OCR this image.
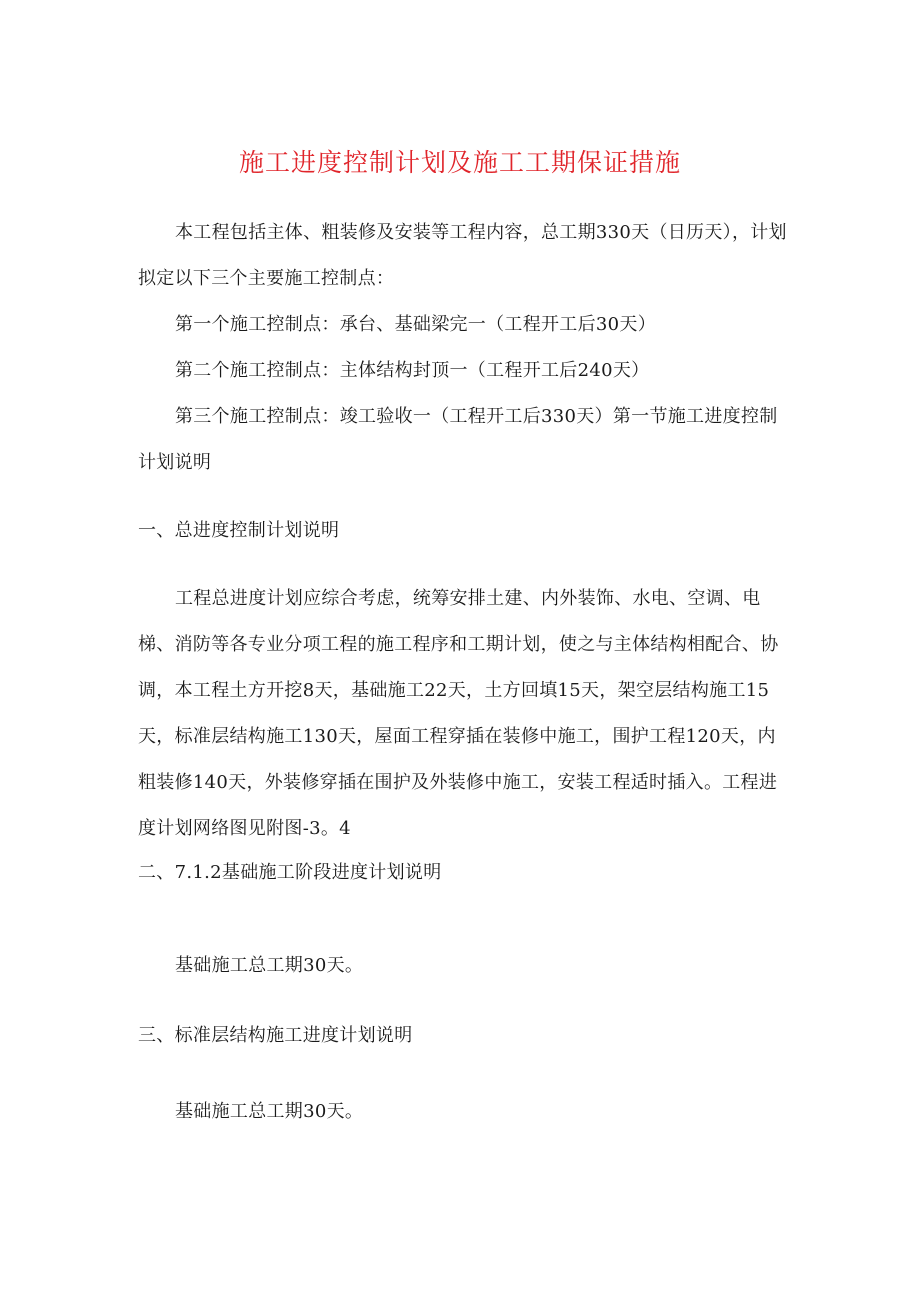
施工进度控制计划及施工工期保证措施

本工程包括主体、粗装修及安装等工程内容，总工期330天（日历天），计划拟定以下三个主要施工控制点：

第一个施工控制点：承台、基础梁完一（工程开工后30天）

第二个施工控制点：主体结构封顶一（工程开工后240天）

第三个施工控制点：竣工验收一（工程开工后330天）第一节施工进度控制计划说明

一、总进度控制计划说明

工程总进度计划应综合考虑，统筹安排土建、内外装饰、水电、空调、电梯、消防等各专业分项工程的施工程序和工期计划，使之与主体结构相配合、协调，本工程土方开挖8天，基础施工22天，土方回填15天，架空层结构施工15天，标准层结构施工130天，屋面工程穿插在装修中施工，围护工程120天，内粗装修140天，外装修穿插在围护及外装修中施工，安装工程适时插入。工程进度计划网络图见附图-3。4

二、7.1.2基础施工阶段进度计划说明

基础施工总工期30天。

三、标准层结构施工进度计划说明

基础施工总工期30天。
